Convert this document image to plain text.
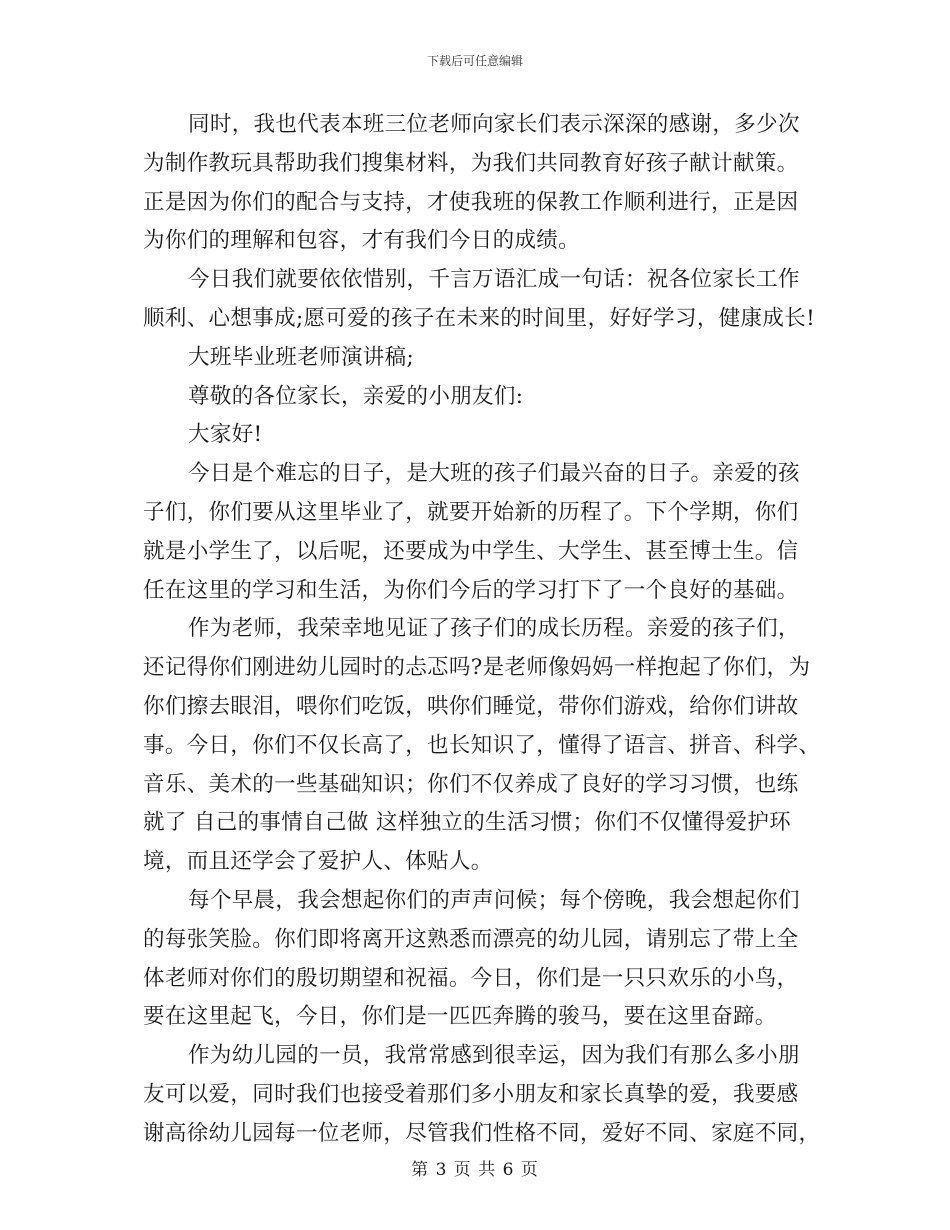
下载后可任意编辑
同时，我也代表本班三位老师向家长们表示深深的感谢，多少次
为制作教玩具帮助我们搜集材料，为我们共同教育好孩子献计献策。
正是因为你们的配合与支持，才使我班的保教工作顺利进行，正是因
为你们的理解和包容，才有我们今日的成绩。
今日我们就要依依惜别，千言万语汇成一句话：祝各位家长工作
顺利、心想事成;愿可爱的孩子在未来的时间里，好好学习，健康成长!
大班毕业班老师演讲稿;
尊敬的各位家长，亲爱的小朋友们:
大家好!
今日是个难忘的日子，是大班的孩子们最兴奋的日子。亲爱的孩
子们，你们要从这里毕业了，就要开始新的历程了。下个学期，你们
就是小学生了，以后呢，还要成为中学生、大学生、甚至博士生。信
任在这里的学习和生活，为你们今后的学习打下了一个良好的基础。
作为老师，我荣幸地见证了孩子们的成长历程。亲爱的孩子们，
还记得你们刚进幼儿园时的忐忑吗?是老师像妈妈一样抱起了你们，为
你们擦去眼泪，喂你们吃饭，哄你们睡觉，带你们游戏，给你们讲故
事。今日，你们不仅长高了，也长知识了，懂得了语言、拼音、科学、
音乐、美术的一些基础知识；你们不仅养成了良好的学习习惯，也练
就了 自己的事情自己做 这样独立的生活习惯；你们不仅懂得爱护环
境，而且还学会了爱护人、体贴人。
每个早晨，我会想起你们的声声问候；每个傍晚，我会想起你们
的每张笑脸。你们即将离开这熟悉而漂亮的幼儿园，请别忘了带上全
体老师对你们的殷切期望和祝福。今日，你们是一只只欢乐的小鸟，
要在这里起飞，今日，你们是一匹匹奔腾的骏马，要在这里奋蹄。
作为幼儿园的一员，我常常感到很幸运，因为我们有那么多小朋
友可以爱，同时我们也接受着那们多小朋友和家长真挚的爱，我要感
谢高徐幼儿园每一位老师，尽管我们性格不同，爱好不同、家庭不同，
第 3 页 共 6 页
